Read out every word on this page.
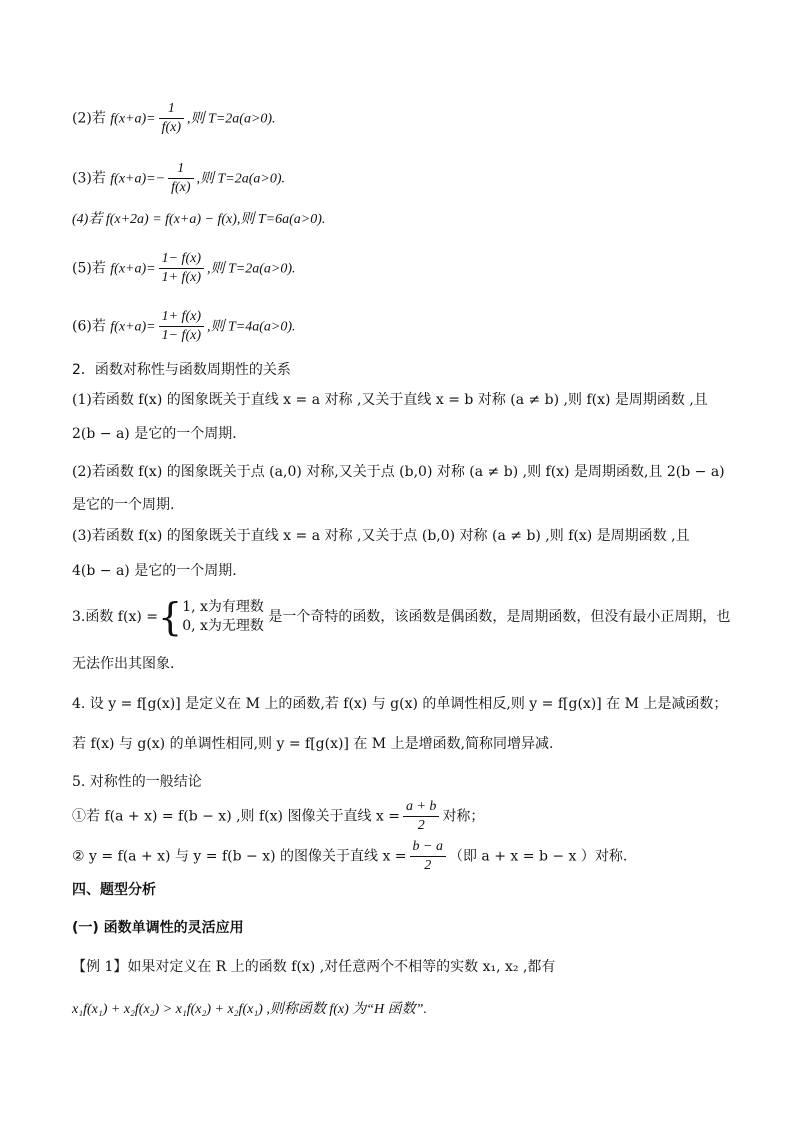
(2)若 $f(x+a)= \frac{1}{f(x)}$ ,则 T=2a(a>0).
(3)若 $f(x+a)=- \frac{1}{f(x)}$ ,则 T=2a(a>0).
(4)若 f(x+2a) = f(x+a) − f(x),则 T=6a(a>0).
(5)若 $f(x+a)= \frac{1- f(x)}{1+ f(x)}$ ,则 T=2a(a>0).
(6)若 $f(x+a)= \frac{1+ f(x)}{1- f(x)}$ ,则 T=4a(a>0).
2．函数对称性与函数周期性的关系
(1)若函数 f(x) 的图象既关于直线 x = a 对称 ,又关于直线 x = b 对称 (a ≠ b) ,则 f(x) 是周期函数 ,且
2(b − a) 是它的一个周期.
(2)若函数 f(x) 的图象既关于点 (a,0) 对称,又关于点 (b,0) 对称 (a ≠ b) ,则 f(x) 是周期函数,且 2(b − a)
是它的一个周期.
(3)若函数 f(x) 的图象既关于直线 x = a 对称 ,又关于点 (b,0) 对称 (a ≠ b) ,则 f(x) 是周期函数 ,且
4(b − a) 是它的一个周期.
3.函数 f(x) ={ 1, x为有理数
0, x为无理数
是一个奇特的函数，该函数是偶函数，是周期函数，但没有最小正周期，也
无法作出其图象.
4. 设 y = f[g(x)] 是定义在 M 上的函数,若 f(x) 与 g(x) 的单调性相反,则 y = f[g(x)] 在 M 上是减函数；
若 f(x) 与 g(x) 的单调性相同,则 y = f[g(x)] 在 M 上是增函数,简称同增异减.
5. 对称性的一般结论
①若 f(a + x) = f(b − x) ,则 f(x) 图像关于直线 $x = \frac{a + b}{2}$ 对称；
② y = f(a + x) 与 y = f(b − x) 的图像关于直线 $x = \frac{b - a}{2}$ （即 a + x = b − x ）对称.
四、题型分析
(一) 函数单调性的灵活应用
【例 1】如果对定义在 R 上的函数 f(x) ,对任意两个不相等的实数 x₁, x₂ ,都有
x₁f(x₁) + x₂f(x₂) > x₁f(x₂) + x₂f(x₁) ,则称函数 f(x) 为“H 函数”.
